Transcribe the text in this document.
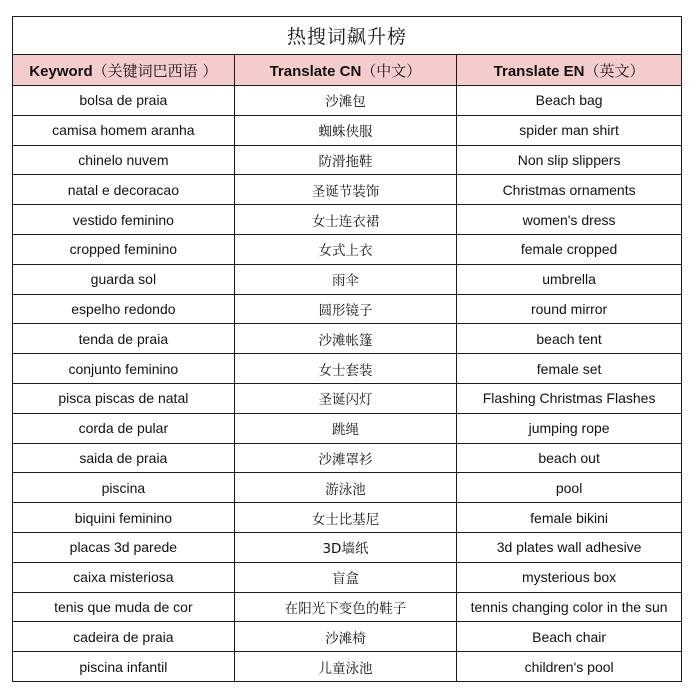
热搜词飙升榜		
Keyword（关键词巴西语 ）	Translate CN（中文）	Translate EN（英文）
bolsa de praia	沙滩包	Beach bag
camisa homem aranha	蜘蛛侠服	spider man shirt
chinelo nuvem	防滑拖鞋	Non slip slippers
natal e decoracao	圣诞节装饰	Christmas ornaments
vestido feminino	女士连衣裙	women's dress
cropped feminino	女式上衣	female cropped
guarda sol	雨伞	umbrella
espelho redondo	圆形镜子	round mirror
tenda de praia	沙滩帐篷	beach tent
conjunto feminino	女士套装	female set
pisca piscas de natal	圣诞闪灯	Flashing Christmas Flashes
corda de pular	跳绳	jumping rope
saida de praia	沙滩罩衫	beach out
piscina	游泳池	pool
biquini feminino	女士比基尼	female bikini
placas 3d parede	3D墙纸	3d plates wall adhesive
caixa misteriosa	盲盒	mysterious box
tenis que muda de cor	在阳光下变色的鞋子	tennis changing color in the sun
cadeira de praia	沙滩椅	Beach chair
piscina infantil	儿童泳池	children's pool
